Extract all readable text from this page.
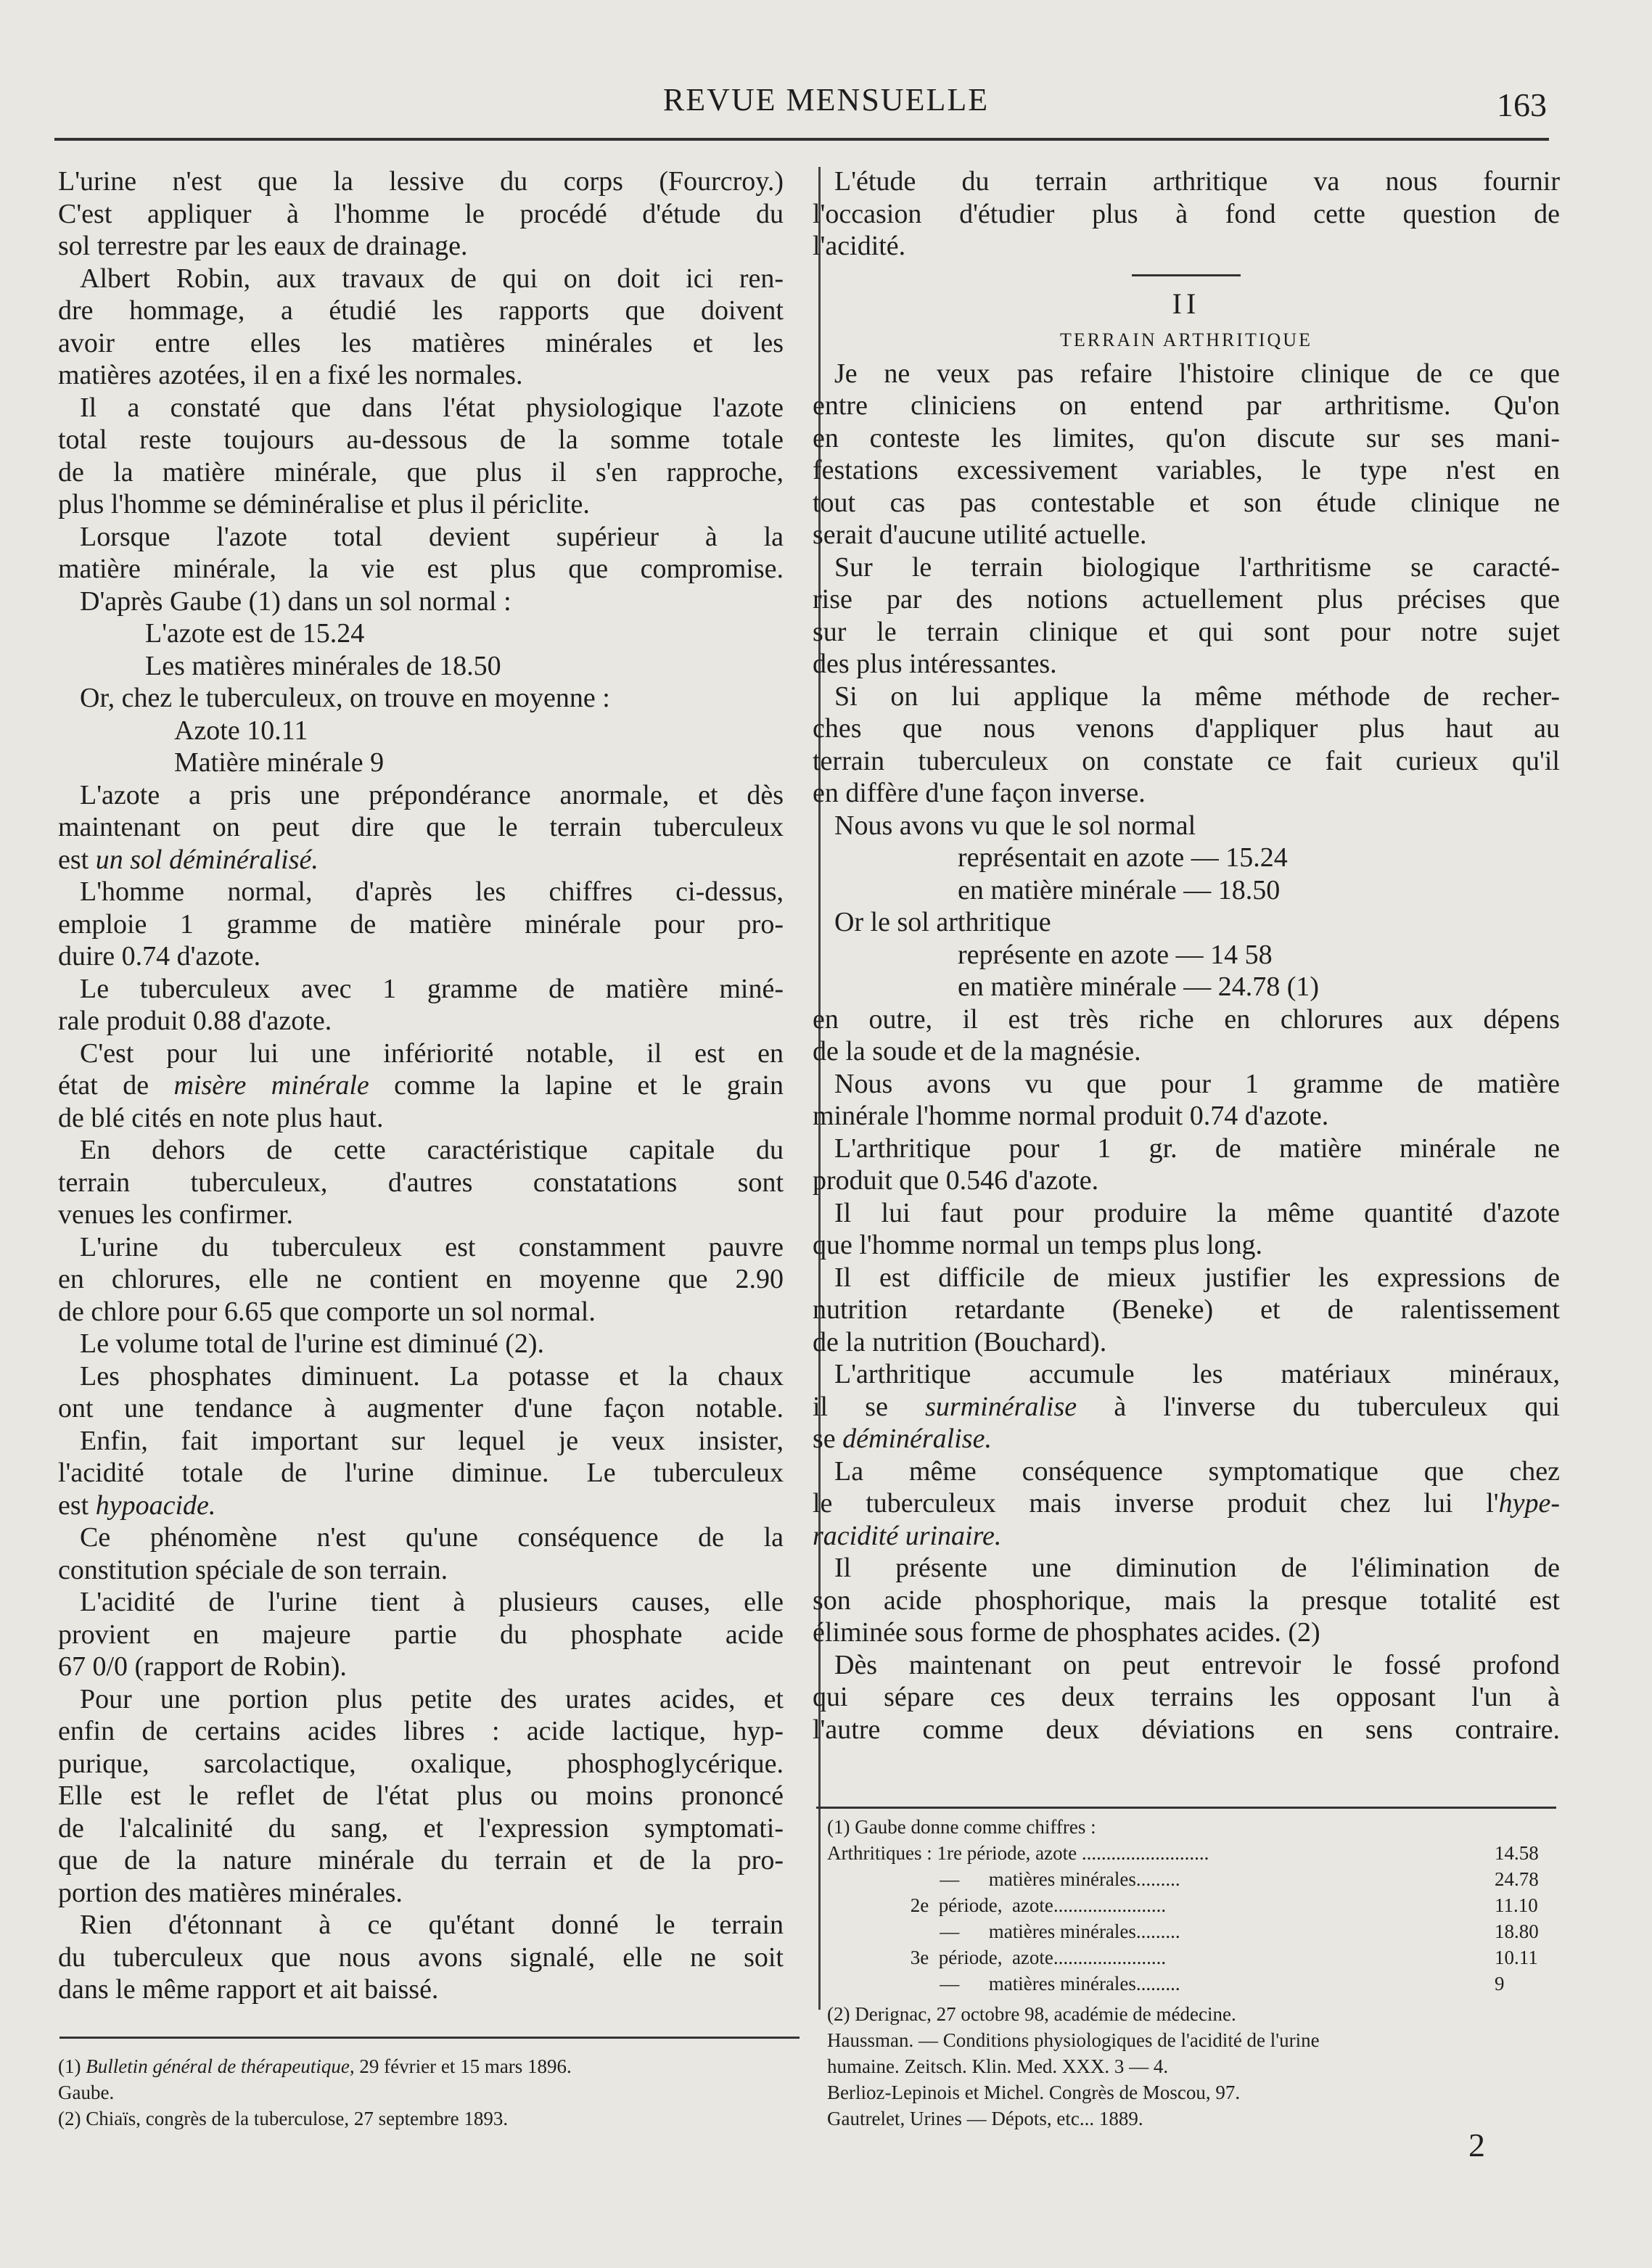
REVUE MENSUELLE	163
L'urine n'est que la lessive du corps (Fourcroy.)
C'est appliquer à l'homme le procédé d'étude du
sol terrestre par les eaux de drainage.
Albert Robin, aux travaux de qui on doit ici ren-
dre hommage, a étudié les rapports que doivent
avoir entre elles les matières minérales et les
matières azotées, il en a fixé les normales.
Il a constaté que dans l'état physiologique l'azote
total reste toujours au-dessous de la somme totale
de la matière minérale, que plus il s'en rapproche,
plus l'homme se déminéralise et plus il périclite.
Lorsque l'azote total devient supérieur à la
matière minérale, la vie est plus que compromise.
D'après Gaube (1) dans un sol normal :
L'azote est de 15.24
Les matières minérales de 18.50
Or, chez le tuberculeux, on trouve en moyenne :
Azote 10.11
Matière minérale 9
L'azote a pris une prépondérance anormale, et dès
maintenant on peut dire que le terrain tuberculeux
est un sol déminéralisé.
L'homme normal, d'après les chiffres ci-dessus,
emploie 1 gramme de matière minérale pour pro-
duire 0.74 d'azote.
Le tuberculeux avec 1 gramme de matière miné-
rale produit 0.88 d'azote.
C'est pour lui une infériorité notable, il est en
état de misère minérale comme la lapine et le grain
de blé cités en note plus haut.
En dehors de cette caractéristique capitale du
terrain tuberculeux, d'autres constatations sont
venues les confirmer.
L'urine du tuberculeux est constamment pauvre
en chlorures, elle ne contient en moyenne que 2.90
de chlore pour 6.65 que comporte un sol normal.
Le volume total de l'urine est diminué (2).
Les phosphates diminuent. La potasse et la chaux
ont une tendance à augmenter d'une façon notable.
Enfin, fait important sur lequel je veux insister,
l'acidité totale de l'urine diminue. Le tuberculeux
est hypoacide.
Ce phénomène n'est qu'une conséquence de la
constitution spéciale de son terrain.
L'acidité de l'urine tient à plusieurs causes, elle
provient en majeure partie du phosphate acide
67 0/0 (rapport de Robin).
Pour une portion plus petite des urates acides, et
enfin de certains acides libres : acide lactique, hyp-
purique, sarcolactique, oxalique, phosphoglycérique.
Elle est le reflet de l'état plus ou moins prononcé
de l'alcalinité du sang, et l'expression symptomati-
que de la nature minérale du terrain et de la pro-
portion des matières minérales.
Rien d'étonnant à ce qu'étant donné le terrain
du tuberculeux que nous avons signalé, elle ne soit
dans le même rapport et ait baissé.
L'étude du terrain arthritique va nous fournir
l'occasion d'étudier plus à fond cette question de
l'acidité.
II
TERRAIN ARTHRITIQUE
Je ne veux pas refaire l'histoire clinique de ce que
entre cliniciens on entend par arthritisme. Qu'on
en conteste les limites, qu'on discute sur ses mani-
festations excessivement variables, le type n'est en
tout cas pas contestable et son étude clinique ne
serait d'aucune utilité actuelle.
Sur le terrain biologique l'arthritisme se caracté-
rise par des notions actuellement plus précises que
sur le terrain clinique et qui sont pour notre sujet
des plus intéressantes.
Si on lui applique la même méthode de recher-
ches que nous venons d'appliquer plus haut au
terrain tuberculeux on constate ce fait curieux qu'il
en diffère d'une façon inverse.
Nous avons vu que le sol normal
représentait en azote — 15.24
en matière minérale — 18.50
Or le sol arthritique
représente en azote — 14 58
en matière minérale — 24.78 (1)
en outre, il est très riche en chlorures aux dépens
de la soude et de la magnésie.
Nous avons vu que pour 1 gramme de matière
minérale l'homme normal produit 0.74 d'azote.
L'arthritique pour 1 gr. de matière minérale ne
produit que 0.546 d'azote.
Il lui faut pour produire la même quantité d'azote
que l'homme normal un temps plus long.
Il est difficile de mieux justifier les expressions de
nutrition retardante (Beneke) et de ralentissement
de la nutrition (Bouchard).
L'arthritique accumule les matériaux minéraux,
il se surminéralise à l'inverse du tuberculeux qui
se déminéralise.
La même conséquence symptomatique que chez
le tuberculeux mais inverse produit chez lui l'hype-
racidité urinaire.
Il présente une diminution de l'élimination de
son acide phosphorique, mais la presque totalité est
éliminée sous forme de phosphates acides. (2)
Dès maintenant on peut entrevoir le fossé profond
qui sépare ces deux terrains les opposant l'un à
l'autre comme deux déviations en sens contraire.
(1) Bulletin général de thérapeutique, 29 février et 15 mars 1896.
Gaube.
(2) Chiaïs, congrès de la tuberculose, 27 septembre 1893.
(1) Gaube donne comme chiffres :
Arthritiques : 1re période, azote ..........................	14.58
—      matières minérales.........	24.78
2e  période,  azote.......................	11.10
—      matières minérales.........	18.80
3e  période,  azote.......................	10.11
—      matières minérales.........	9
(2) Derignac, 27 octobre 98, académie de médecine.
Haussman. — Conditions physiologiques de l'acidité de l'urine
humaine. Zeitsch. Klin. Med. XXX. 3 — 4.
Berlioz-Lepinois et Michel. Congrès de Moscou, 97.
Gautrelet, Urines — Dépots, etc... 1889.
2
